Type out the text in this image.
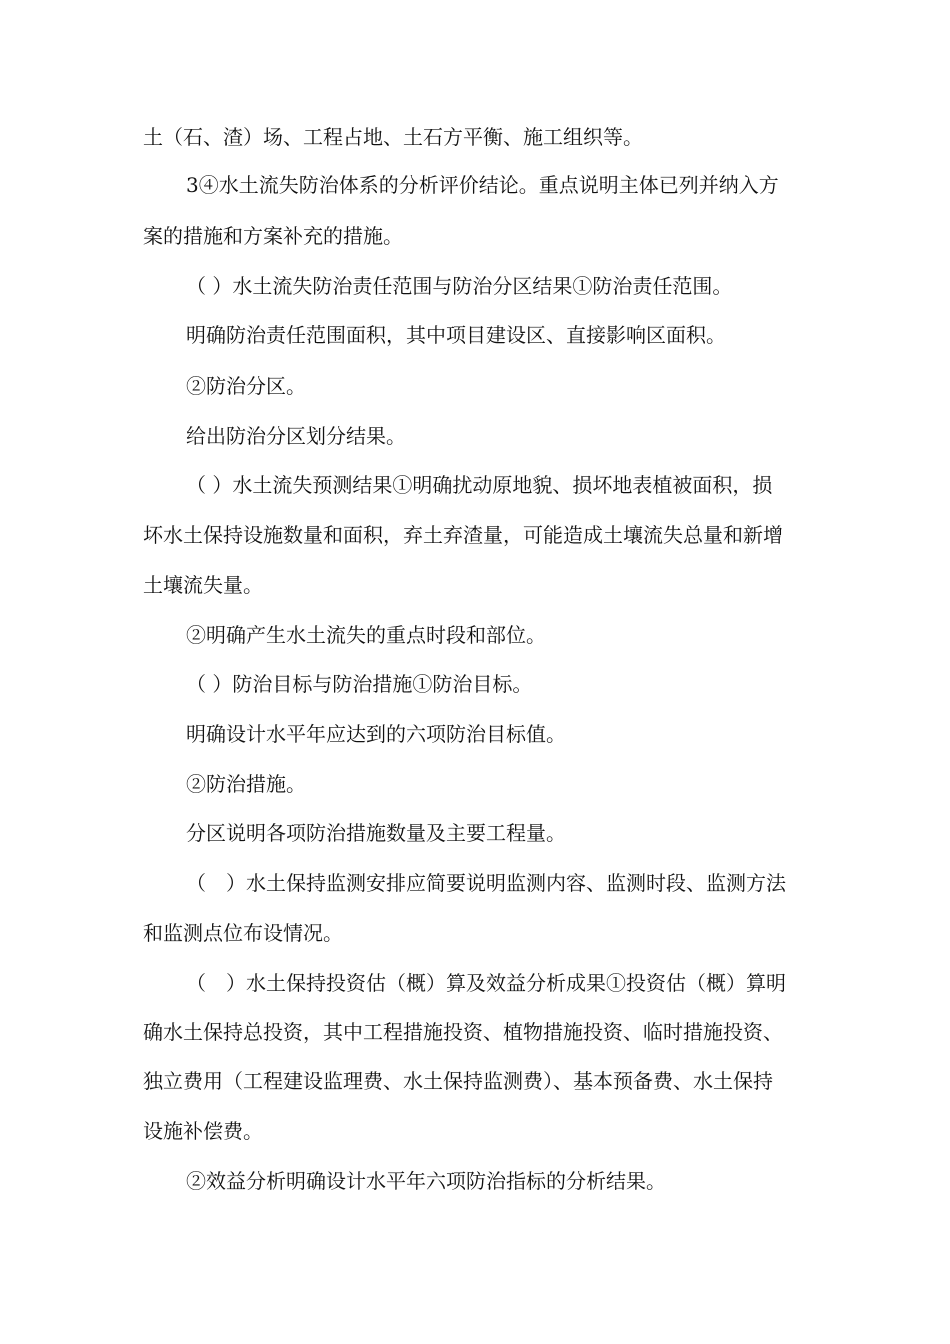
土（石、渣）场、工程占地、土石方平衡、施工组织等。
3④水土流失防治体系的分析评价结论。重点说明主体已列并纳入方
案的措施和方案补充的措施。
（ ）水土流失防治责任范围与防治分区结果①防治责任范围。
明确防治责任范围面积，其中项目建设区、直接影响区面积。
②防治分区。
给出防治分区划分结果。
（ ）水土流失预测结果①明确扰动原地貌、损坏地表植被面积，损
坏水土保持设施数量和面积，弃土弃渣量，可能造成土壤流失总量和新增
土壤流失量。
②明确产生水土流失的重点时段和部位。
（ ）防治目标与防治措施①防治目标。
明确设计水平年应达到的六项防治目标值。
②防治措施。
分区说明各项防治措施数量及主要工程量。
（　）水土保持监测安排应简要说明监测内容、监测时段、监测方法
和监测点位布设情况。
（　）水土保持投资估（概）算及效益分析成果①投资估（概）算明
确水土保持总投资，其中工程措施投资、植物措施投资、临时措施投资、
独立费用（工程建设监理费、水土保持监测费）、基本预备费、水土保持
设施补偿费。
②效益分析明确设计水平年六项防治指标的分析结果。
